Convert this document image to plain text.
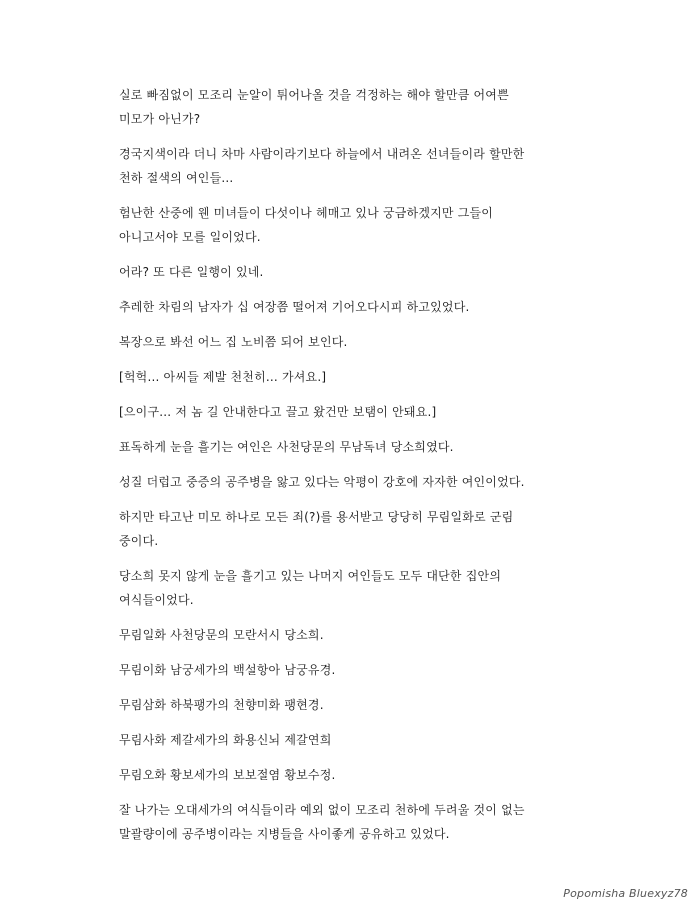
실로 빠짐없이 모조리 눈알이 튀어나올 것을 걱정하는 해야 할만큼 어여쁜
미모가 아닌가?

경국지색이라 더니 차마 사람이라기보다 하늘에서 내려온 선녀들이라 할만한
천하 절색의 여인들...

험난한 산중에 웬 미녀들이 다섯이나 헤매고 있나 궁금하겠지만 그들이
아니고서야 모를 일이었다.

어라? 또 다른 일행이 있네.

추레한 차림의 남자가 십 여장쯤 떨어져 기어오다시피 하고있었다.

복장으로 봐선 어느 집 노비쯤 되어 보인다.

[헉헉... 아씨들 제발 천천히... 가셔요.]

[으이구... 저 놈 길 안내한다고 끌고 왔건만 보탬이 안돼요.]

표독하게 눈을 흘기는 여인은 사천당문의 무남독녀 당소희였다.

성질 더럽고 중증의 공주병을 앓고 있다는 악평이 강호에 자자한 여인이었다.

하지만 타고난 미모 하나로 모든 죄(?)를 용서받고 당당히 무림일화로 군림
중이다.

당소희 못지 않게 눈을 흘기고 있는 나머지 여인들도 모두 대단한 집안의
여식들이었다.

무림일화 사천당문의 모란서시 당소희.

무림이화 남궁세가의 백설항아 남궁유경.

무림삼화 하북팽가의 천향미화 팽현경.

무림사화 제갈세가의 화용신뇌 제갈연희

무림오화 황보세가의 보보절염 황보수정.

잘 나가는 오대세가의 여식들이라 예외 없이 모조리 천하에 두려울 것이 없는
말괄량이에 공주병이라는 지병들을 사이좋게 공유하고 있었다.

Popomisha Bluexyz78
